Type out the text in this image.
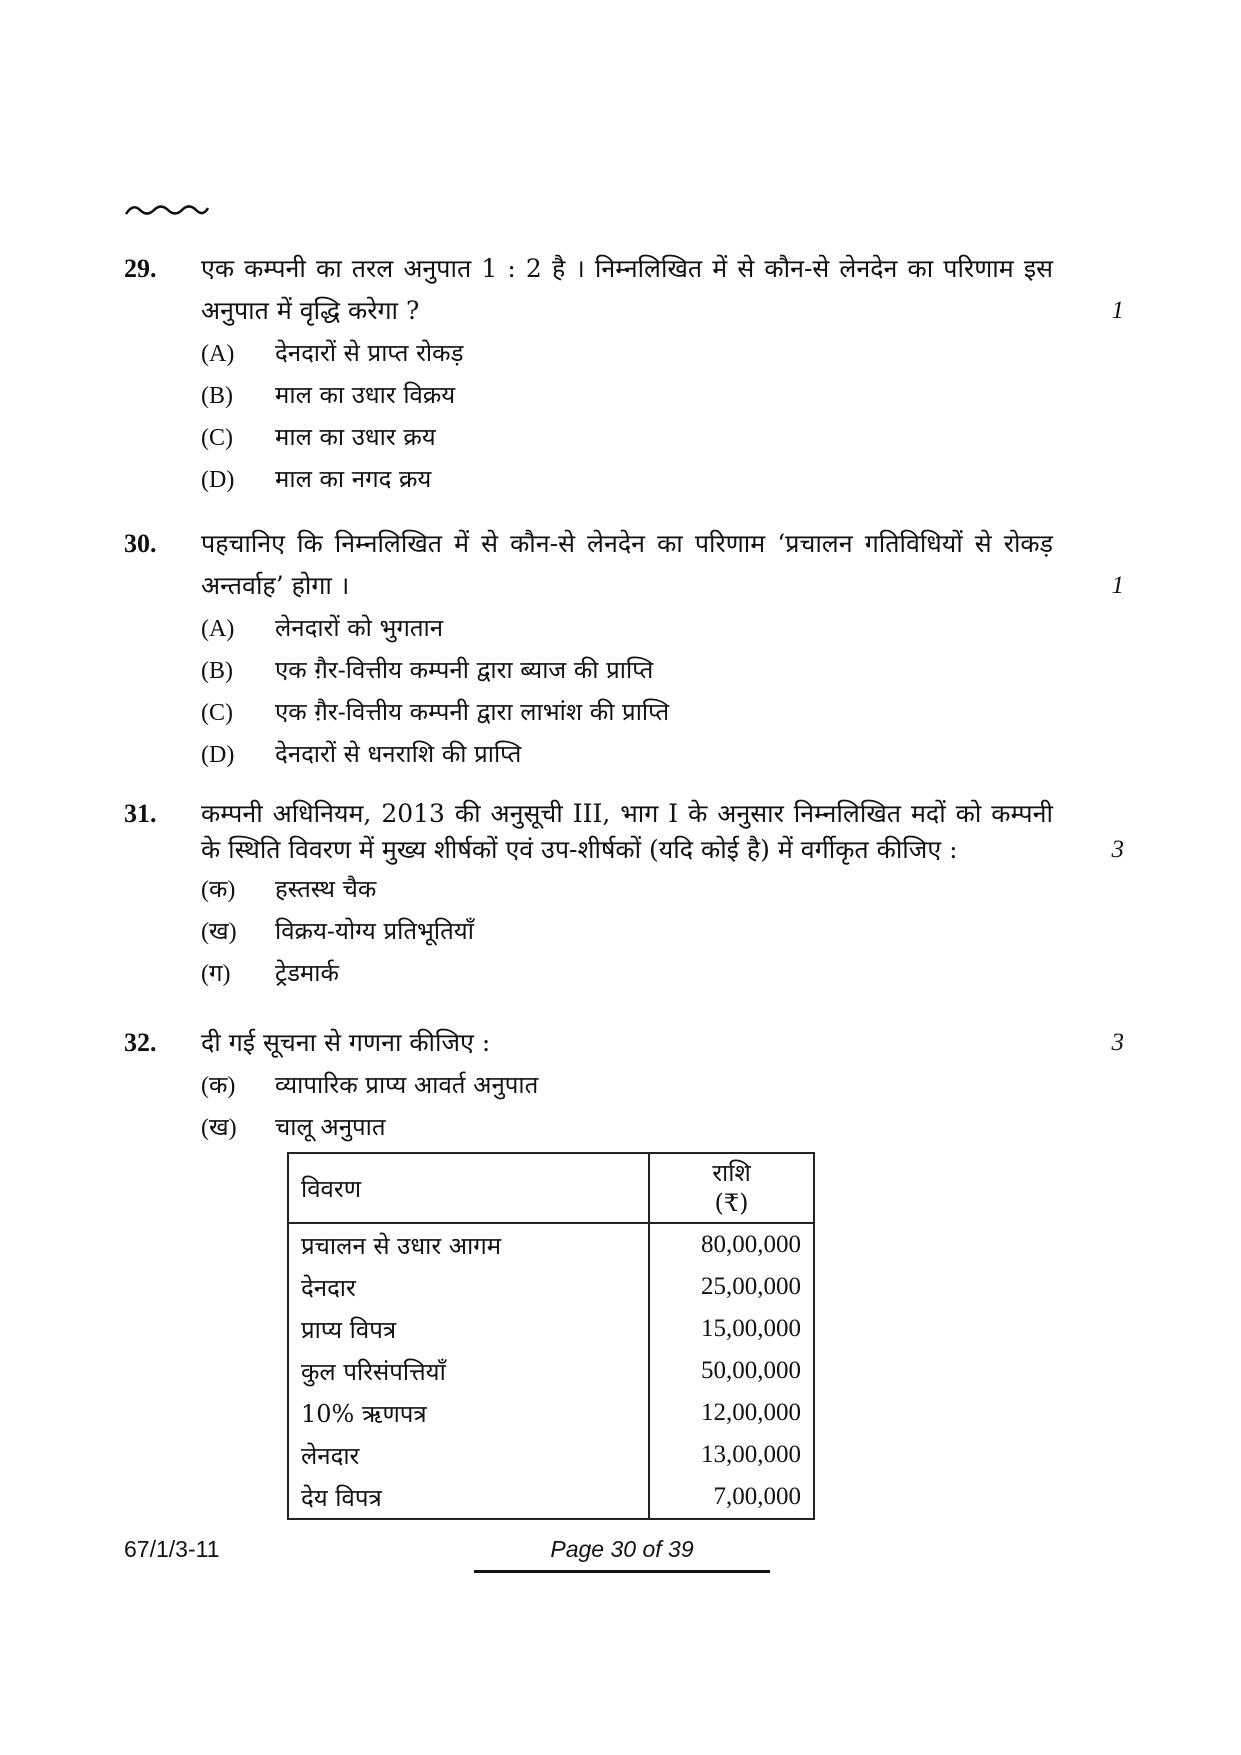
29. एक कम्पनी का तरल अनुपात 1 : 2 है । निम्नलिखित में से कौन-से लेनदेन का परिणाम इस अनुपात में वृद्धि करेगा ?	1
(A) देनदारों से प्राप्त रोकड़
(B) माल का उधार विक्रय
(C) माल का उधार क्रय
(D) माल का नगद क्रय
30. पहचानिए कि निम्नलिखित में से कौन-से लेनदेन का परिणाम ‘प्रचालन गतिविधियों से रोकड़ अन्तर्वाह’ होगा ।	1
(A) लेनदारों को भुगतान
(B) एक ग़ैर-वित्तीय कम्पनी द्वारा ब्याज की प्राप्ति
(C) एक ग़ैर-वित्तीय कम्पनी द्वारा लाभांश की प्राप्ति
(D) देनदारों से धनराशि की प्राप्ति
31. कम्पनी अधिनियम, 2013 की अनुसूची III, भाग I के अनुसार निम्नलिखित मदों को कम्पनी के स्थिति विवरण में मुख्य शीर्षकों एवं उप-शीर्षकों (यदि कोई है) में वर्गीकृत कीजिए :	3
(क) हस्तस्थ चैक
(ख) विक्रय-योग्य प्रतिभूतियाँ
(ग) ट्रेडमार्क
32. दी गई सूचना से गणना कीजिए :	3
(क) व्यापारिक प्राप्य आवर्त अनुपात
(ख) चालू अनुपात
विवरण	राशि
(₹)

प्रचालन से उधार आगम	80,00,000
देनदार	25,00,000
प्राप्य विपत्र	15,00,000
कुल परिसंपत्तियाँ	50,00,000
10% ऋणपत्र	12,00,000
लेनदार	13,00,000
देय विपत्र	7,00,000
67/1/3-11	Page 30 of 39
